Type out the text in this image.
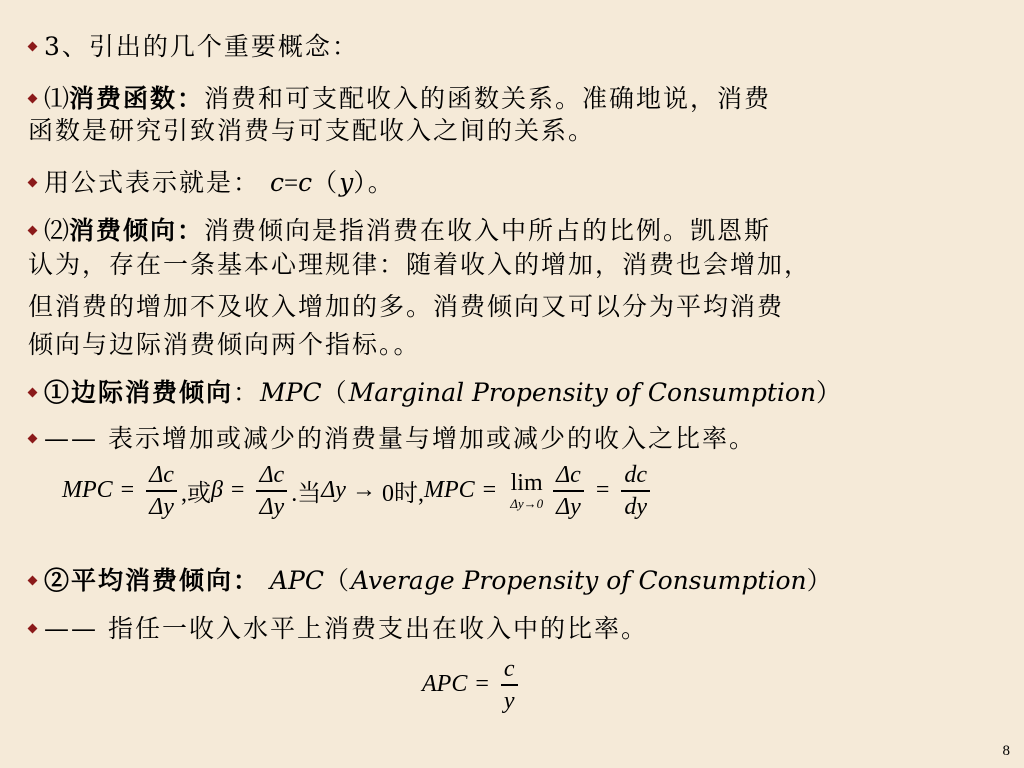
3、引出的几个重要概念：
⑴消费函数：消费和可支配收入的函数关系。准确地说，消费
函数是研究引致消费与可支配收入之间的关系。
用公式表示就是： c=c（y）。
⑵消费倾向：消费倾向是指消费在收入中所占的比例。凯恩斯
认为，存在一条基本心理规律：随着收入的增加，消费也会增加，
但消费的增加不及收入增加的多。消费倾向又可以分为平均消费
倾向与边际消费倾向两个指标。。
①边际消费倾向：MPC（Marginal Propensity of Consumption）
—— 表示增加或减少的消费量与增加或减少的收入之比率。
MPC = $\frac{\Delta c}{\Delta y}$ ,或 $\beta = \frac{\Delta c}{\Delta y}$ .当 Δy → 0时, MPC = lim
$\Delta y\to 0 \frac{\Delta c}{\Delta y} = \frac{dc}{dy}$
②平均消费倾向： APC（Average Propensity of Consumption）
—— 指任一收入水平上消费支出在收入中的比率。
APC = $\frac{c}{y}$
8
